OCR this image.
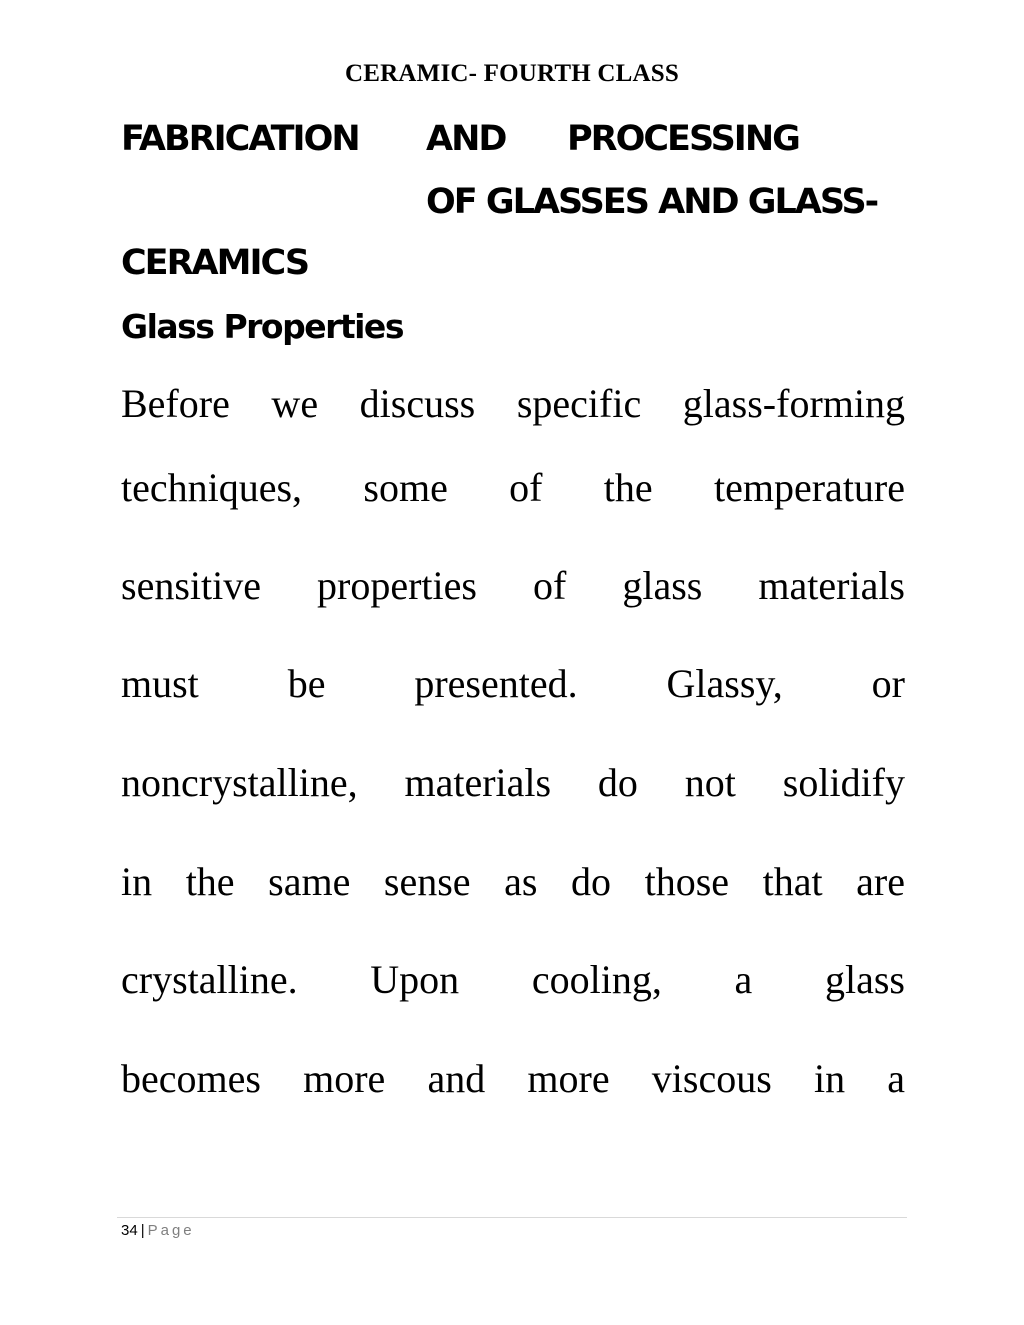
CERAMIC- FOURTH CLASS
FABRICATION AND PROCESSING
OF GLASSES AND GLASS-
CERAMICS
Glass Properties
Before we discuss specific glass-forming
techniques, some of the temperature
sensitive properties of glass materials
must be presented. Glassy, or
noncrystalline, materials do not solidify
in the same sense as do those that are
crystalline. Upon cooling, a glass
becomes more and more viscous in a
34 | Page
